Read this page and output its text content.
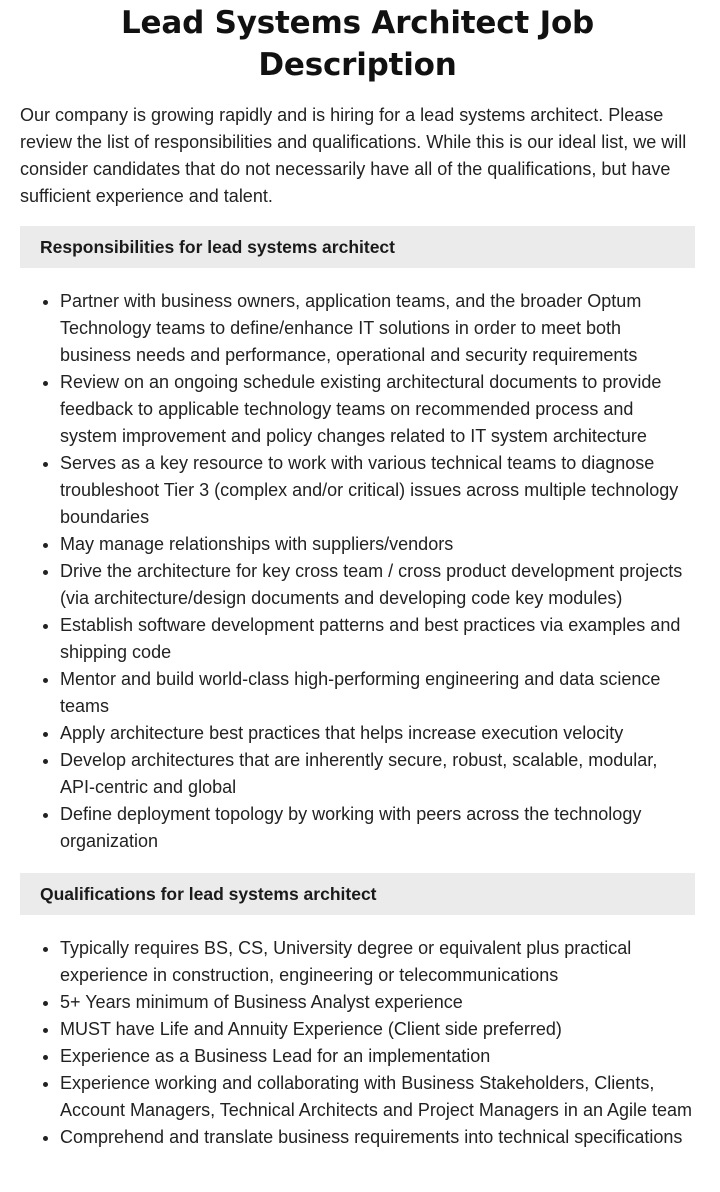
Lead Systems Architect Job Description

Our company is growing rapidly and is hiring for a lead systems architect. Please review the list of responsibilities and qualifications. While this is our ideal list, we will consider candidates that do not necessarily have all of the qualifications, but have sufficient experience and talent.

Responsibilities for lead systems architect
• Partner with business owners, application teams, and the broader Optum Technology teams to define/enhance IT solutions in order to meet both business needs and performance, operational and security requirements
• Review on an ongoing schedule existing architectural documents to provide feedback to applicable technology teams on recommended process and system improvement and policy changes related to IT system architecture
• Serves as a key resource to work with various technical teams to diagnose troubleshoot Tier 3 (complex and/or critical) issues across multiple technology boundaries
• May manage relationships with suppliers/vendors
• Drive the architecture for key cross team / cross product development projects (via architecture/design documents and developing code key modules)
• Establish software development patterns and best practices via examples and shipping code
• Mentor and build world-class high-performing engineering and data science teams
• Apply architecture best practices that helps increase execution velocity
• Develop architectures that are inherently secure, robust, scalable, modular, API-centric and global
• Define deployment topology by working with peers across the technology organization
Qualifications for lead systems architect
• Typically requires BS, CS, University degree or equivalent plus practical experience in construction, engineering or telecommunications
• 5+ Years minimum of Business Analyst experience
• MUST have Life and Annuity Experience (Client side preferred)
• Experience as a Business Lead for an implementation
• Experience working and collaborating with Business Stakeholders, Clients, Account Managers, Technical Architects and Project Managers in an Agile team
• Comprehend and translate business requirements into technical specifications
